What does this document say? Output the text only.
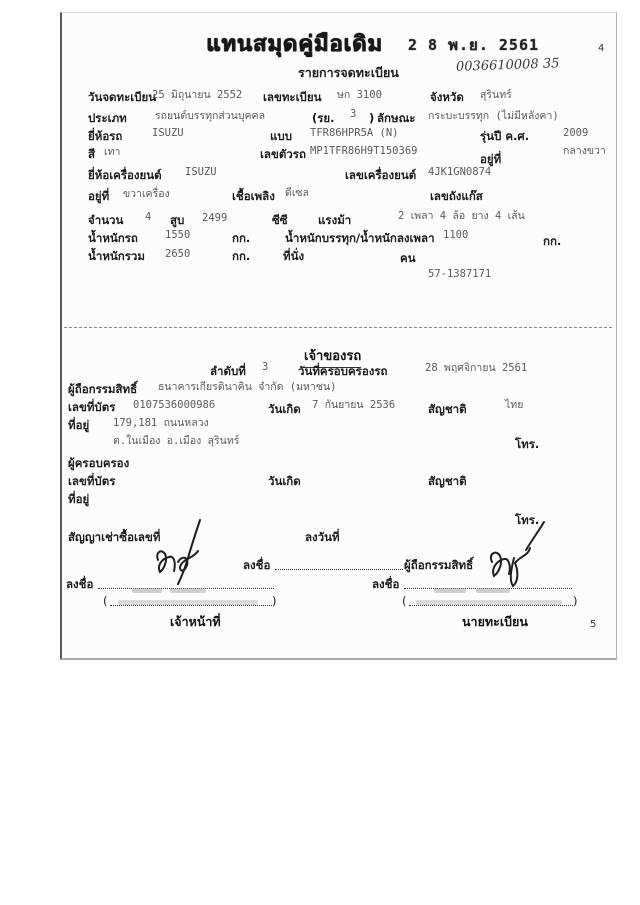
แทนสมุดคู่มือเดิม 2 8 พ.ย. 2561	4
รายการจดทะเบียน	0036610008 35
วันจดทะเบียน
25 มิถุนายน 2552 เลขทะเบียน ษก 3100	จังหวัด สุรินทร์
ประเภท	รถยนต์บรรทุกส่วนบุคคล	(รย. 3 ) ลักษณะ กระบะบรรทุก (ไม่มีหลังคา)
ยี่ห้อรถ	ISUZU	แบบ TFR86HPR5A (N)	รุ่นปี ค.ศ.	2009
สี เทา	เลขตัวรถ MP1TFR86H9T150369	กลางขวา
อยู่ที่
ยี่ห้อเครื่องยนต์ ISUZU	เลขเครื่องยนต์ 4JK1GN0874
อยู่ที่ ขวาเครื่อง	เชื้อเพลิง ดีเซล	เลขถังแก๊ส
จำนวน 4 สูบ 2499	ซีซี	แรงม้า	2 เพลา 4 ล้อ ยาง 4 เส้น
น้ำหนักรถ	1550	กก.	น้ำหนักบรรทุก/น้ำหนักลงเพลา 1100	กก.
น้ำหนักรวม 2650	กก.	ที่นั่ง	คน
57-1387171
เจ้าของรถ
ลำดับที่ 3	วันที่ครอบครองรถ	28 พฤศจิกายน 2561
ผู้ถือกรรมสิทธิ์ ธนาคารเกียรตินาคิน จำกัด (มหาชน)
เลขที่บัตร 0107536000986	วันเกิด 7 กันยายน 2536	สัญชาติ	ไทย
ที่อยู่ 179,181 ถนนหลวง
ต.ในเมือง อ.เมือง สุรินทร์	โทร.
ผู้ครอบครอง
เลขที่บัตร	วันเกิด	สัญชาติ
ที่อยู่
โทร.
สัญญาเช่าซื้อเลขที่	ลงวันที่
ลงชื่อ	ผู้ถือกรรมสิทธิ์
ลงชื่อ	ลงชื่อ
(	)	(	)
เจ้าหน้าที่	นายทะเบียน	5
